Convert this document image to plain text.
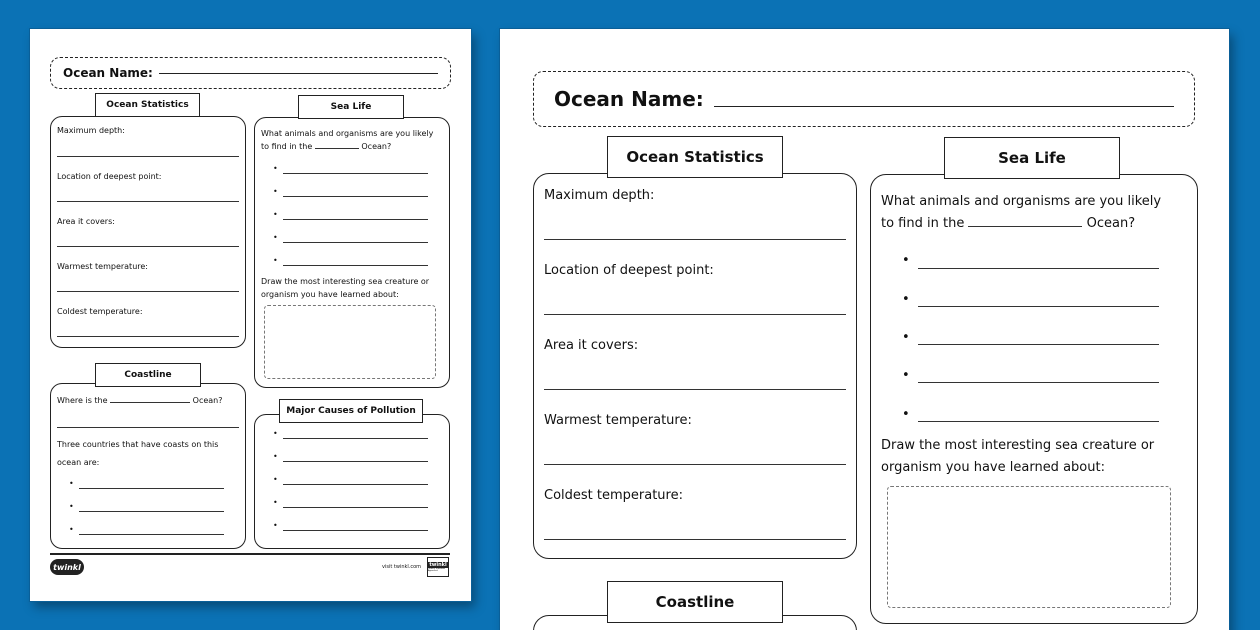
Ocean Name:
Ocean Statistics
Maximum depth:
Location of deepest point:
Area it covers:
Warmest temperature:
Coldest temperature:
Sea Life
What animals and organisms are you likely
to find in the	Ocean?
•
•
•
•
•
Draw the most interesting sea creature or
organism you have learned about:
Coastline
Where is the	Ocean?
Three countries that have coasts on this
ocean are:
•
•
•
Major Causes of Pollution
•
•
•
•
•
twinkl	visit twinkl.com	twinkl
Quality Standard Approved
Ocean Name:
Ocean Statistics
Maximum depth:
Location of deepest point:
Area it covers:
Warmest temperature:
Coldest temperature:
Sea Life
What animals and organisms are you likely
to find in the	Ocean?
•
•
•
•
•
Draw the most interesting sea creature or
organism you have learned about:
Coastline
